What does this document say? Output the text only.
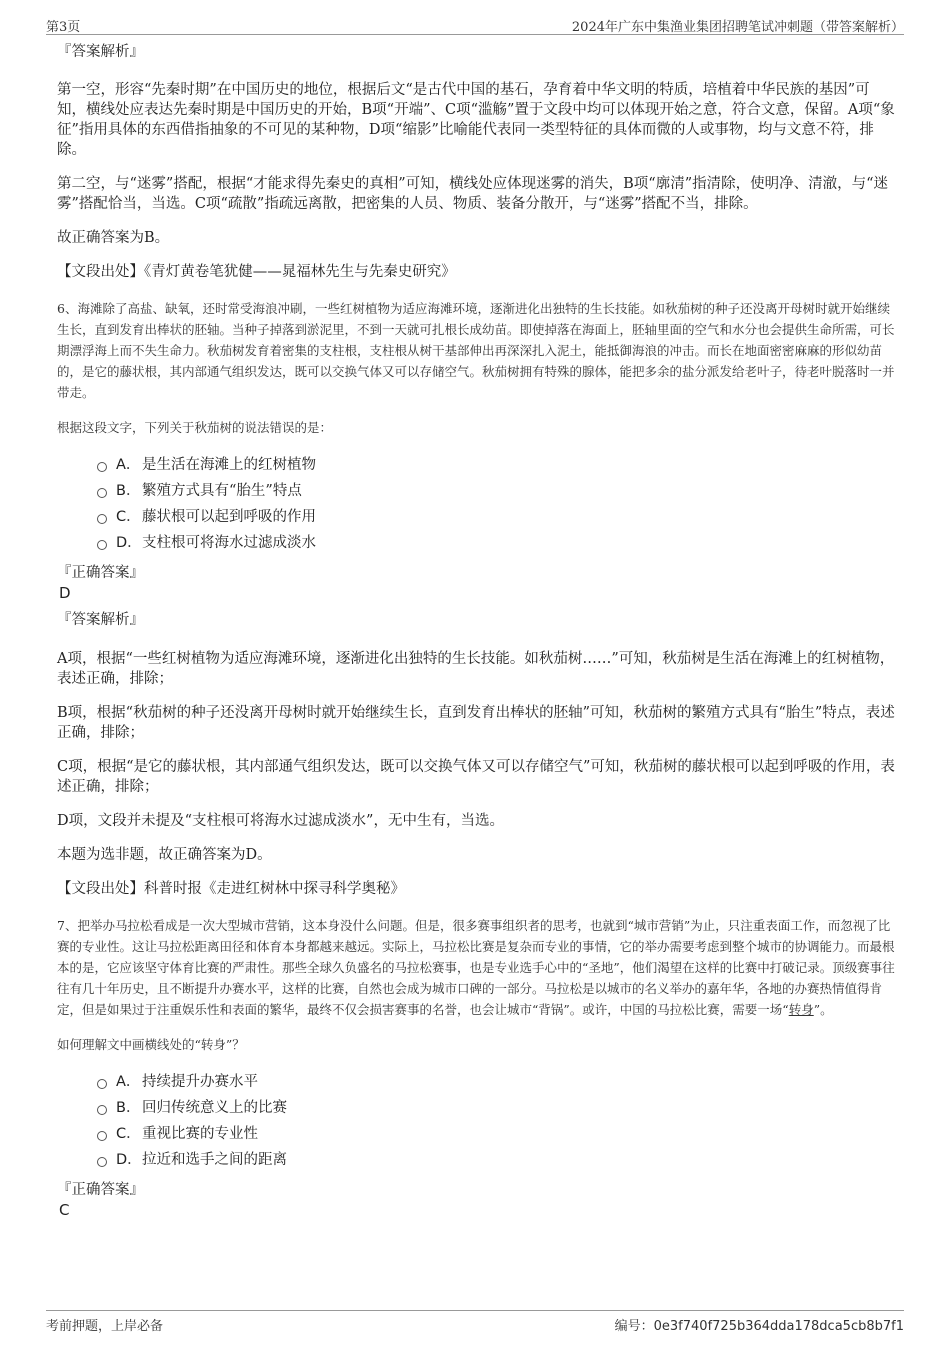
第3页	2024年广东中集渔业集团招聘笔试冲刺题（带答案解析）

『答案解析』

第一空，形容“先秦时期”在中国历史的地位，根据后文“是古代中国的基石，孕育着中华文明的特质，培植着中华民族的基因”可知，横线处应表达先秦时期是中国历史的开始，B项“开端”、C项“滥觞”置于文段中均可以体现开始之意，符合文意，保留。A项“象征”指用具体的东西借指抽象的不可见的某种物，D项“缩影”比喻能代表同一类型特征的具体而微的人或事物，均与文意不符，排除。

第二空，与“迷雾”搭配，根据“才能求得先秦史的真相”可知，横线处应体现迷雾的消失，B项“廓清”指清除，使明净、清澈，与“迷雾”搭配恰当，当选。C项“疏散”指疏远离散，把密集的人员、物质、装备分散开，与“迷雾”搭配不当，排除。

故正确答案为B。

【文段出处】《青灯黄卷笔犹健——晁福林先生与先秦史研究》

6、海滩除了高盐、缺氧，还时常受海浪冲刷，一些红树植物为适应海滩环境，逐渐进化出独特的生长技能。如秋茄树的种子还没离开母树时就开始继续生长，直到发育出棒状的胚轴。当种子掉落到淤泥里，不到一天就可扎根长成幼苗。即使掉落在海面上，胚轴里面的空气和水分也会提供生命所需，可长期漂浮海上而不失生命力。秋茄树发育着密集的支柱根，支柱根从树干基部伸出再深深扎入泥土，能抵御海浪的冲击。而长在地面密密麻麻的形似幼苗的，是它的藤状根，其内部通气组织发达，既可以交换气体又可以存储空气。秋茄树拥有特殊的腺体，能把多余的盐分派发给老叶子，待老叶脱落时一并带走。

根据这段文字，下列关于秋茄树的说法错误的是：

A． 是生活在海滩上的红树植物
B． 繁殖方式具有“胎生”特点
C． 藤状根可以起到呼吸的作用
D． 支柱根可将海水过滤成淡水

『正确答案』

D

『答案解析』

A项，根据“一些红树植物为适应海滩环境，逐渐进化出独特的生长技能。如秋茄树……”可知，秋茄树是生活在海滩上的红树植物，表述正确，排除；

B项，根据“秋茄树的种子还没离开母树时就开始继续生长，直到发育出棒状的胚轴”可知，秋茄树的繁殖方式具有“胎生”特点，表述正确，排除；

C项，根据“是它的藤状根，其内部通气组织发达，既可以交换气体又可以存储空气”可知，秋茄树的藤状根可以起到呼吸的作用，表述正确，排除；

D项，文段并未提及“支柱根可将海水过滤成淡水”，无中生有，当选。

本题为选非题，故正确答案为D。

【文段出处】科普时报《走进红树林中探寻科学奥秘》

7、把举办马拉松看成是一次大型城市营销，这本身没什么问题。但是，很多赛事组织者的思考，也就到“城市营销”为止，只注重表面工作，而忽视了比赛的专业性。这让马拉松距离田径和体育本身都越来越远。实际上，马拉松比赛是复杂而专业的事情，它的举办需要考虑到整个城市的协调能力。而最根本的是，它应该坚守体育比赛的严肃性。那些全球久负盛名的马拉松赛事，也是专业选手心中的“圣地”，他们渴望在这样的比赛中打破记录。顶级赛事往往有几十年历史，且不断提升办赛水平，这样的比赛，自然也会成为城市口碑的一部分。马拉松是以城市的名义举办的嘉年华，各地的办赛热情值得肯定，但是如果过于注重娱乐性和表面的繁华，最终不仅会损害赛事的名誉，也会让城市“背锅”。或许，中国的马拉松比赛，需要一场“转身”。

如何理解文中画横线处的“转身”？

A． 持续提升办赛水平
B． 回归传统意义上的比赛
C． 重视比赛的专业性
D． 拉近和选手之间的距离

『正确答案』

C

考前押题，上岸必备	编号：0e3f740f725b364dda178dca5cb8b7f1
